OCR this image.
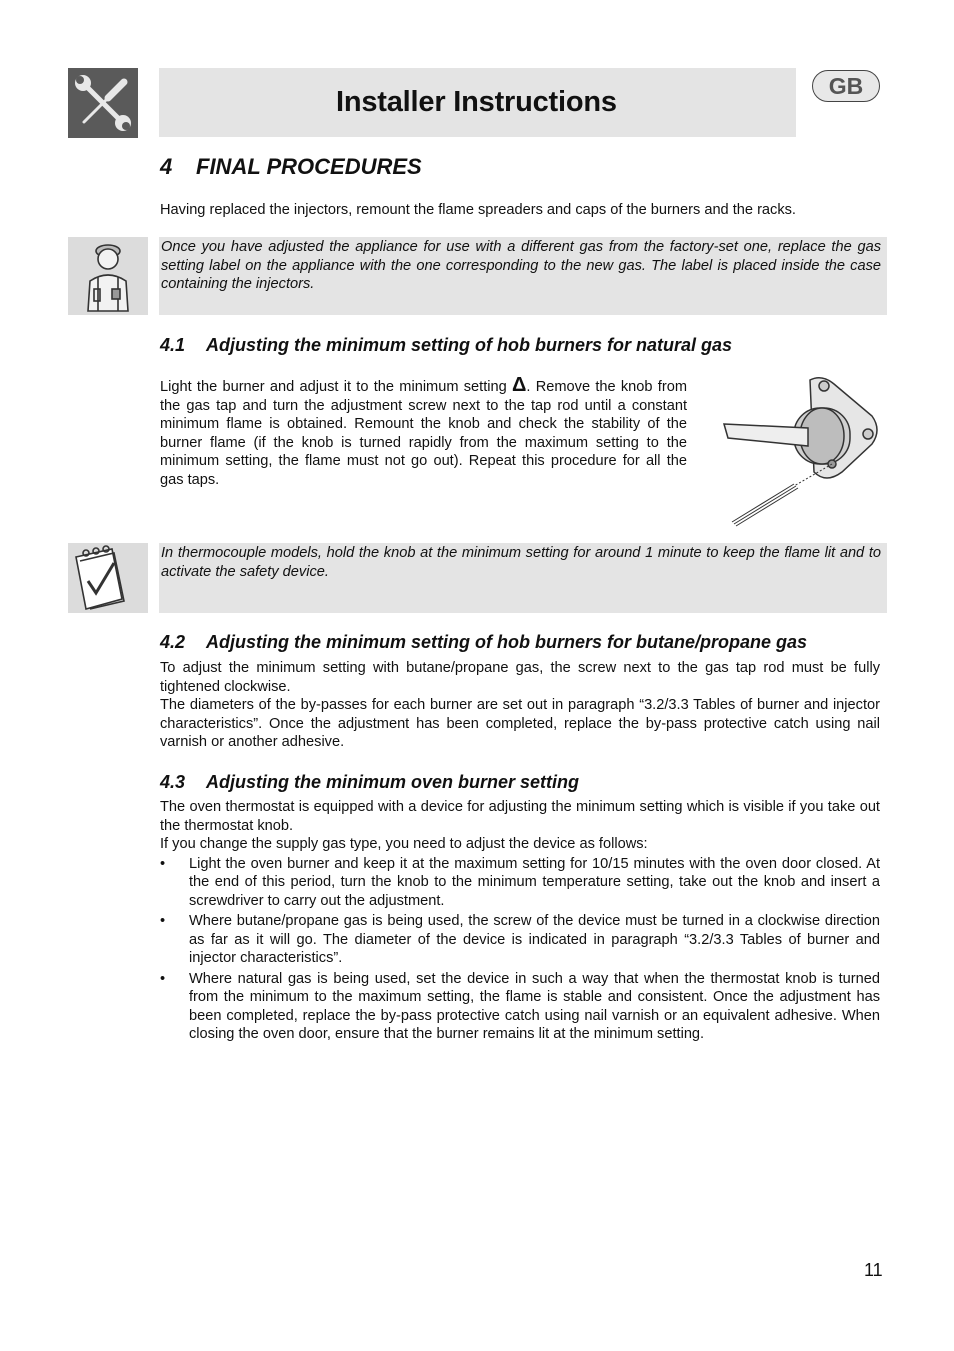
Installer Instructions	GB
4 FINAL PROCEDURES

Having replaced the injectors, remount the flame spreaders and caps of the burners and the racks.

Once you have adjusted the appliance for use with a different gas from the factory-set one, replace the gas setting label on the appliance with the one corresponding to the new gas. The label is placed inside the case containing the injectors.

4.1 Adjusting the minimum setting of hob burners for natural gas

Light the burner and adjust it to the minimum setting Δ. Remove the knob from the gas tap and turn the adjustment screw next to the tap rod until a constant minimum flame is obtained. Remount the knob and check the stability of the burner flame (if the knob is turned rapidly from the maximum setting to the minimum setting, the flame must not go out). Repeat this procedure for all the gas taps.

In thermocouple models, hold the knob at the minimum setting for around 1 minute to keep the flame lit and to activate the safety device.

4.2 Adjusting the minimum setting of hob burners for butane/propane gas

To adjust the minimum setting with butane/propane gas, the screw next to the gas tap rod must be fully tightened clockwise.

The diameters of the by-passes for each burner are set out in paragraph “3.2/3.3 Tables of burner and injector characteristics”. Once the adjustment has been completed, replace the by-pass protective catch using nail varnish or another adhesive.

4.3 Adjusting the minimum oven burner setting

The oven thermostat is equipped with a device for adjusting the minimum setting which is visible if you take out the thermostat knob.

If you change the supply gas type, you need to adjust the device as follows:

• Light the oven burner and keep it at the maximum setting for 10/15 minutes with the oven door closed. At the end of this period, turn the knob to the minimum temperature setting, take out the knob and insert a screwdriver to carry out the adjustment.
• Where butane/propane gas is being used, the screw of the device must be turned in a clockwise direction as far as it will go. The diameter of the device is indicated in paragraph “3.2/3.3 Tables of burner and injector characteristics”.
• Where natural gas is being used, set the device in such a way that when the thermostat knob is turned from the minimum to the maximum setting, the flame is stable and consistent. Once the adjustment has been completed, replace the by-pass protective catch using nail varnish or an equivalent adhesive. When closing the oven door, ensure that the burner remains lit at the minimum setting.
11
